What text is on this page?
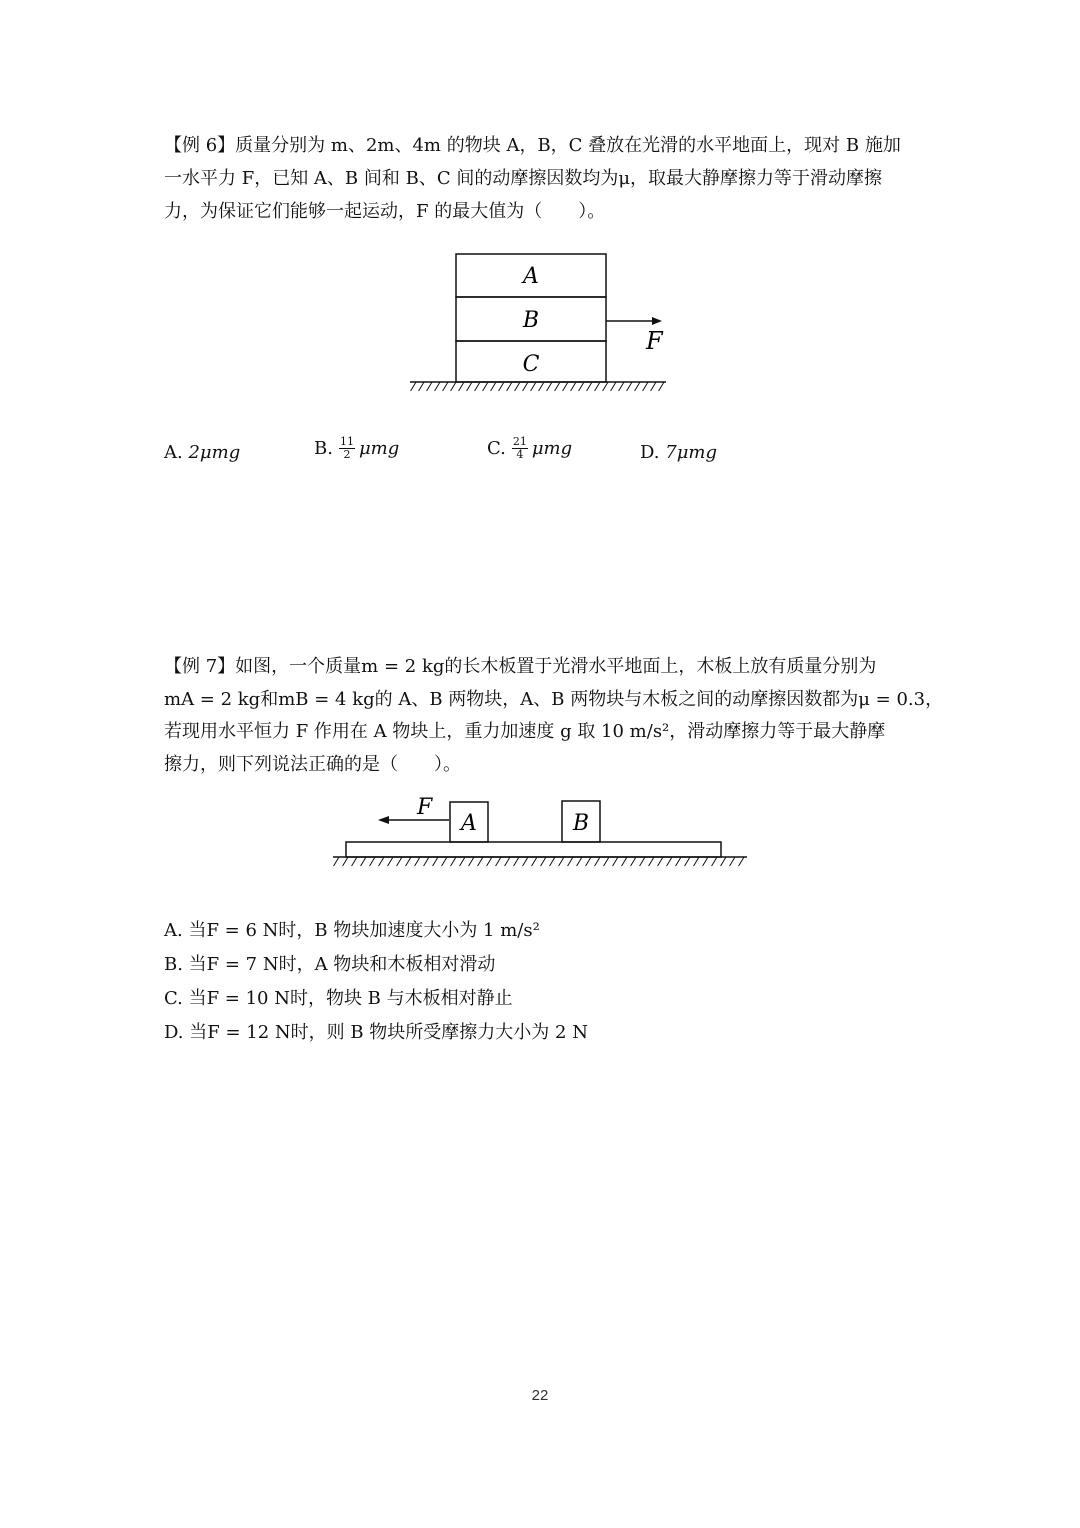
【例 6】质量分别为 m、2m、4m 的物块 A，B，C 叠放在光滑的水平地面上，现对 B 施加
一水平力 F，已知 A、B 间和 B、C 间的动摩擦因数均为μ，取最大静摩擦力等于滑动摩擦
力，为保证它们能够一起运动，F 的最大值为（　　）。
A
B
C
F
A.
2μmg	B. $\frac{11}{2}$ μmg	C. $\frac{21}{4}$ μmg	D.
7μmg
【例 7】如图，一个质量m = 2 kg的长木板置于光滑水平地面上，木板上放有质量分别为
mA = 2 kg和mB = 4 kg的 A、B 两物块，A、B 两物块与木板之间的动摩擦因数都为μ = 0.3，
若现用水平恒力 F 作用在 A 物块上，重力加速度 g 取 10 m/s²，滑动摩擦力等于最大静摩
擦力，则下列说法正确的是（　　）。
A	B
F
A. 当F = 6 N时，B 物块加速度大小为 1 m/s²
B. 当F = 7 N时，A 物块和木板相对滑动
C. 当F = 10 N时，物块 B 与木板相对静止
D. 当F = 12 N时，则 B 物块所受摩擦力大小为 2 N
22
